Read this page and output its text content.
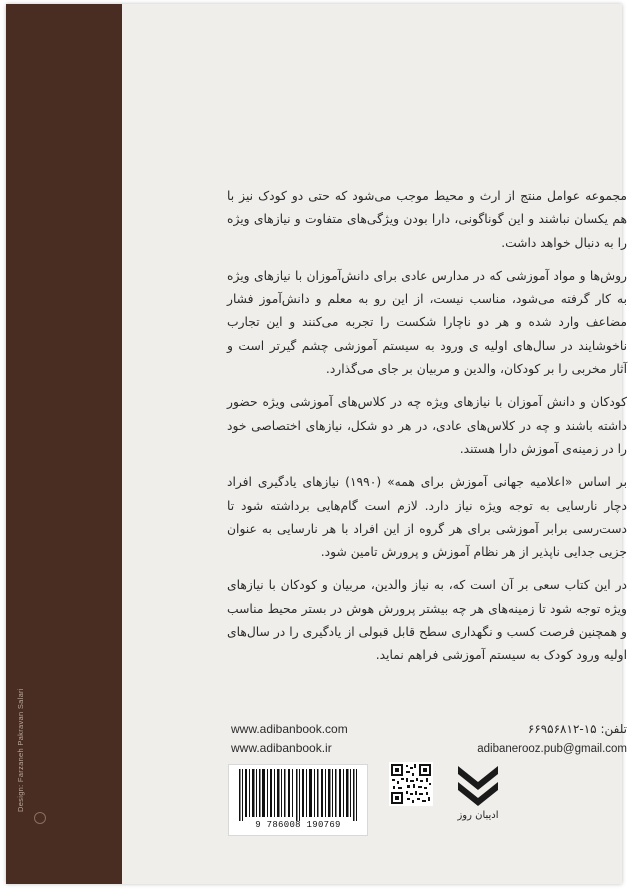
Design: Farzaneh Pakravan Salari

مجموعه عوامل منتج از ارث و محیط موجب می‌شود که حتی دو کودک نیز با هم یکسان نباشند و این گوناگونی، دارا بودن ویژگی‌های متفاوت و نیازهای ویژه را به دنبال خواهد داشت.

روش‌ها و مواد آموزشی که در مدارس عادی برای دانش‌آموزان با نیازهای ویژه به کار گرفته می‌شود، مناسب نیست، از این رو به معلم و دانش‌آموز فشار مضاعف وارد شده و هر دو ناچارا شکست را تجربه می‌کنند و این تجارب ناخوشایند در سال‌های اولیه ی ورود به سیستم آموزشی چشم گیرتر است و آثار مخربی را بر کودکان، والدین و مربیان بر جای می‌گذارد.

کودکان و دانش آموزان با نیازهای ویژه چه در کلاس‌های آموزشی ویژه حضور داشته باشند و چه در کلاس‌های عادی، در هر دو شکل، نیازهای اختصاصی خود را در زمینه‌ی آموزش دارا هستند.

بر اساس «اعلامیه جهانی آموزش برای همه» (۱۹۹۰) نیازهای یادگیری افراد دچار نارسایی به توجه ویژه نیاز دارد. لازم است گام‌هایی برداشته شود تا دست‌رسی برابر آموزشی برای هر گروه از این افراد با هر نارسایی به عنوان جزیی جدایی ناپذیر از هر نظام آموزش و پرورش تامین شود.

در این کتاب سعی بر آن است که، به نیاز والدین، مربیان و کودکان با نیازهای ویژه توجه شود تا زمینه‌های هر چه بیشتر پرورش هوش در بستر محیط مناسب و همچنین فرصت کسب و نگهداری سطح قابل قبولی از یادگیری را در سال‌های اولیه ورود کودک به سیستم آموزشی فراهم نماید.

www.adibanbook.com
www.adibanbook.ir
تلفن: ۱۵-۶۶۹۵۶۸۱۲
adibanerooz.pub@gmail.com
9 786008 190769
ادیبان روز
